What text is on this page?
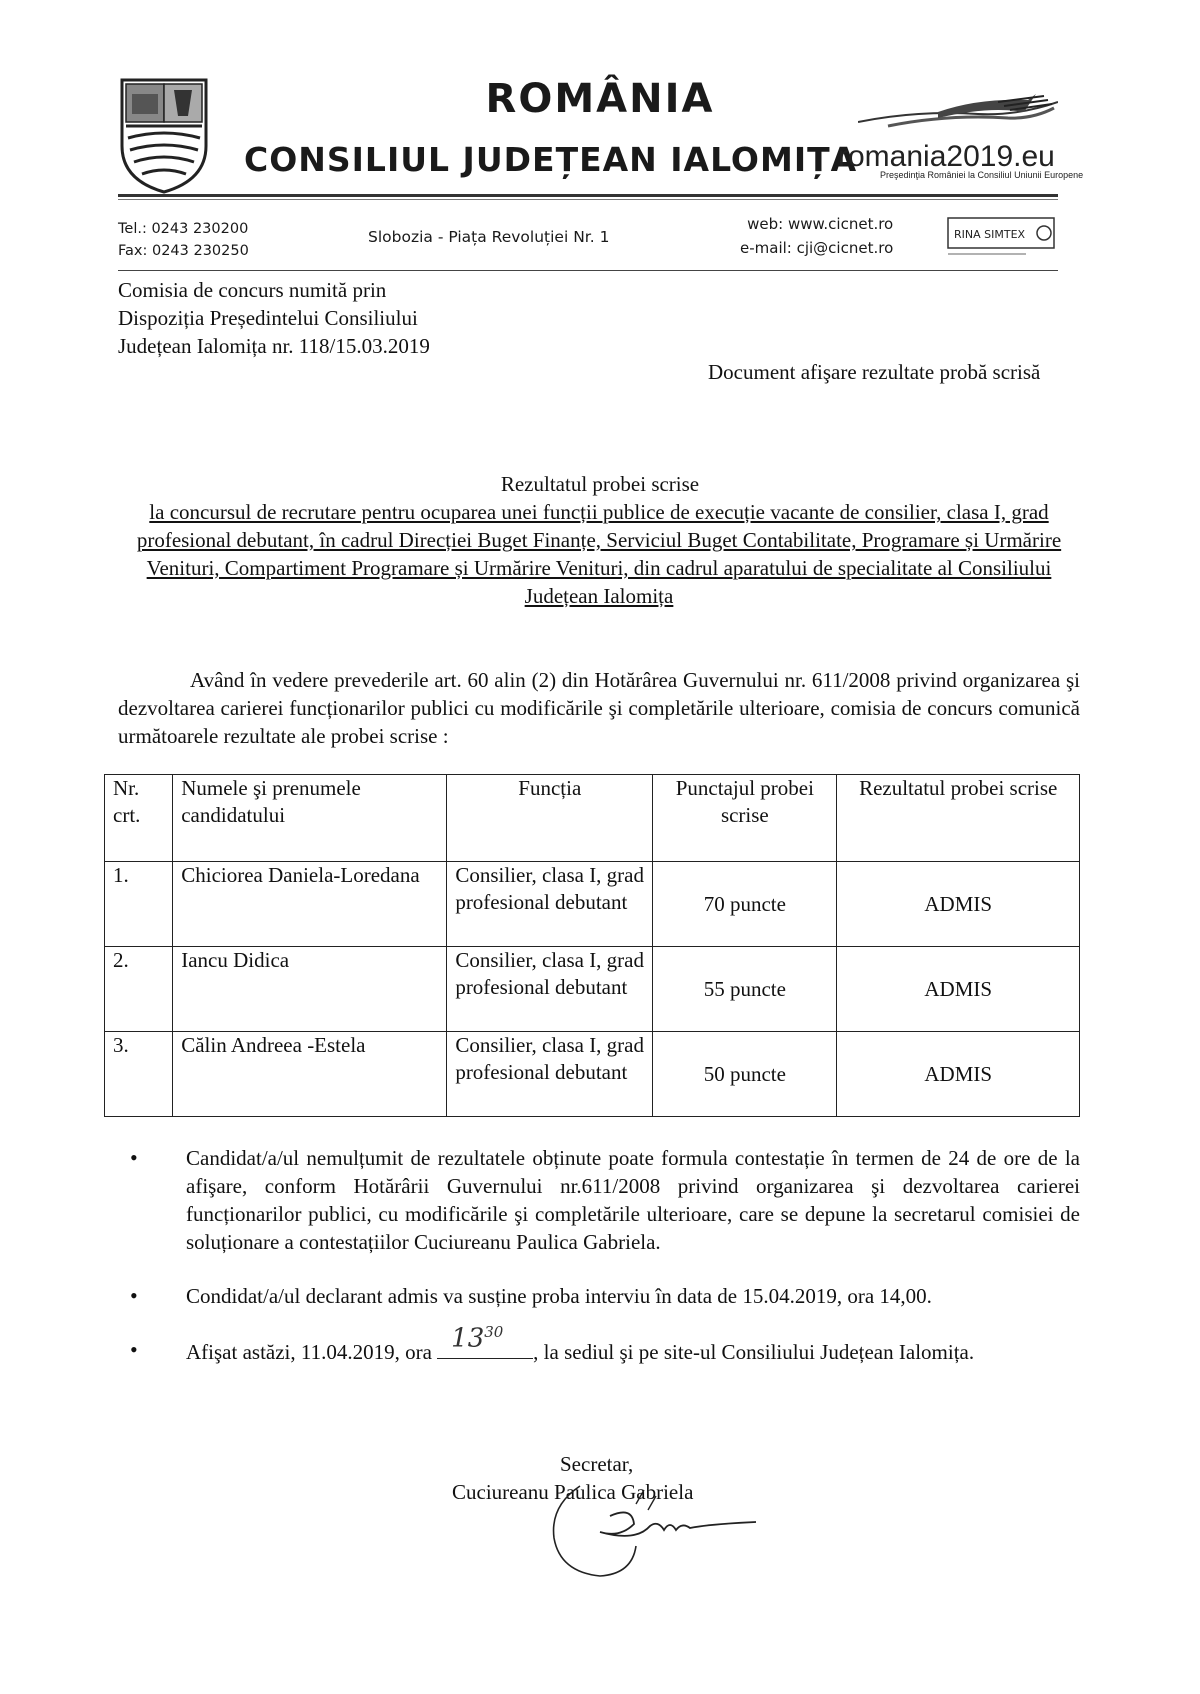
ROMÂNIA
CONSILIUL JUDEȚEAN IALOMIȚA
romania2019.eu
Preşedinţia României la Consiliul Uniunii Europene
Tel.: 0243 230200
Fax: 0243 230250
Slobozia - Piața Revoluției Nr. 1
web: www.cicnet.ro
e-mail: cji@cicnet.ro
RINA SIMTEX
Comisia de concurs numită prin
Dispoziția Președintelui Consiliului
Județean Ialomița nr. 118/15.03.2019
Document afişare rezultate probă scrisă
Rezultatul probei scrise
la concursul de recrutare pentru ocuparea unei funcții publice de execuție vacante de consilier, clasa I, grad profesional debutant, în cadrul Direcției Buget Finanțe, Serviciul Buget Contabilitate, Programare și Urmărire Venituri, Compartiment Programare și Urmărire Venituri, din cadrul aparatului de specialitate al Consiliului Județean Ialomița

Având în vedere prevederile art. 60 alin (2) din Hotărârea Guvernului nr. 611/2008 privind organizarea şi dezvoltarea carierei funcționarilor publici cu modificările şi completările ulterioare, comisia de concurs comunică următoarele rezultate ale probei scrise :

Nr. crt.	Numele şi prenumele candidatului	Funcția	Punctajul probei scrise	Rezultatul probei scrise
1.	Chiciorea Daniela-Loredana	Consilier, clasa I, grad profesional debutant	70 puncte	ADMIS
2.	Iancu Didica	Consilier, clasa I, grad profesional debutant	55 puncte	ADMIS
3.	Călin Andreea -Estela	Consilier, clasa I, grad profesional debutant	50 puncte	ADMIS
• Candidat/a/ul nemulțumit de rezultatele obținute poate formula contestație în termen de 24 de ore de la afişare, conform Hotărârii Guvernului nr.611/2008 privind organizarea şi dezvoltarea carierei funcționarilor publici, cu modificările şi completările ulterioare, care se depune la secretarul comisiei de soluționare a contestațiilor Cuciureanu Paulica Gabriela.
• Condidat/a/ul declarant admis va susține proba interviu în data de 15.04.2019, ora 14,00.
• Afişat astăzi, 11.04.2019, ora $13^{30}$
, la sediul şi pe site-ul Consiliului Județean Ialomița.
Secretar,
Cuciureanu Paulica Gabriela
